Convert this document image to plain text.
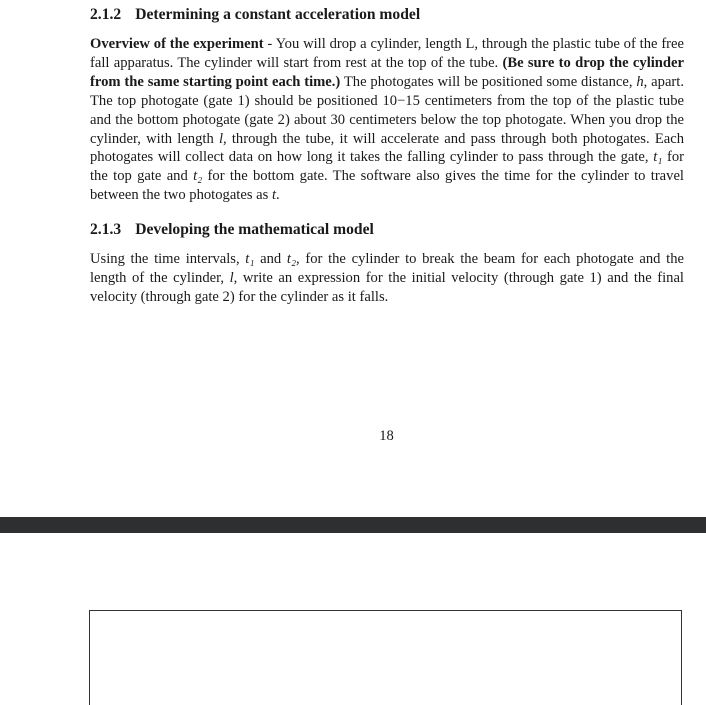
2.1.2 Determining a constant acceleration model

Overview of the experiment - You will drop a cylinder, length L, through the plastic tube of the free fall apparatus. The cylinder will start from rest at the top of the tube. (Be sure to drop the cylinder from the same starting point each time.) The photogates will be positioned some distance, h, apart. The top photogate (gate 1) should be positioned 10−15 centimeters from the top of the plastic tube and the bottom photogate (gate 2) about 30 centimeters below the top photogate. When you drop the cylinder, with length l, through the tube, it will accelerate and pass through both photogates. Each photogates will collect data on how long it takes the falling cylinder to pass through the gate, t₁ for the top gate and t₂ for the bottom gate. The software also gives the time for the cylinder to travel between the two photogates as t.

2.1.3 Developing the mathematical model

Using the time intervals, t₁ and t₂, for the cylinder to break the beam for each photogate and the length of the cylinder, l, write an expression for the initial velocity (through gate 1) and the final velocity (through gate 2) for the cylinder as it falls.

18
